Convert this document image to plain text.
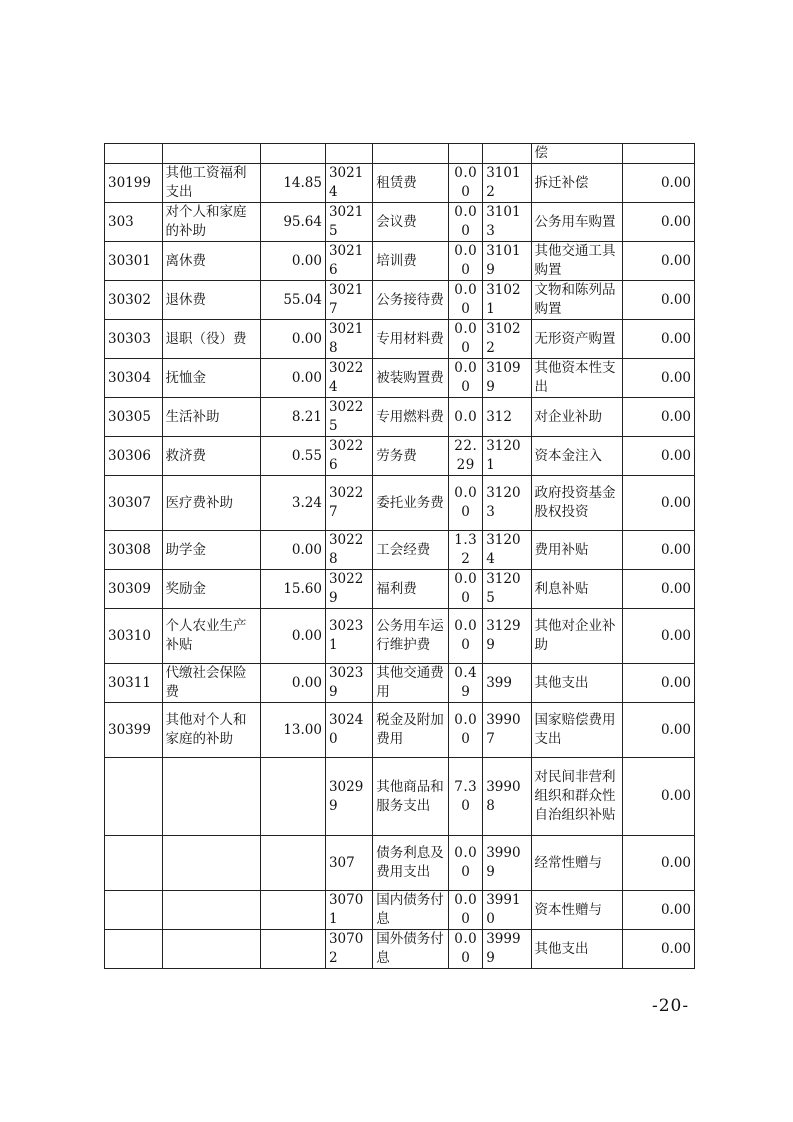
							偿	
30199	其他工资福利支出	14.85	30214	租赁费	0.00	31012	拆迁补偿	0.00
303	对个人和家庭的补助	95.64	30215	会议费	0.00	31013	公务用车购置	0.00
30301	离休费	0.00	30216	培训费	0.00	31019	其他交通工具购置	0.00
30302	退休费	55.04	30217	公务接待费	0.00	31021	文物和陈列品购置	0.00
30303	退职（役）费	0.00	30218	专用材料费	0.00	31022	无形资产购置	0.00
30304	抚恤金	0.00	30224	被装购置费	0.00	31099	其他资本性支出	0.00
30305	生活补助	8.21	30225	专用燃料费	0.0	312	对企业补助	0.00
30306	救济费	0.55	30226	劳务费	22.29	31201	资本金注入	0.00
30307	医疗费补助	3.24	30227	委托业务费	0.00	31203	政府投资基金股权投资	0.00
30308	助学金	0.00	30228	工会经费	1.32	31204	费用补贴	0.00
30309	奖励金	15.60	30229	福利费	0.00	31205	利息补贴	0.00
30310	个人农业生产补贴	0.00	30231	公务用车运行维护费	0.00	31299	其他对企业补助	0.00
30311	代缴社会保险费	0.00	30239	其他交通费用	0.49	399	其他支出	0.00
30399	其他对个人和家庭的补助	13.00	30240	税金及附加费用	0.00	39907	国家赔偿费用支出	0.00
			30299	其他商品和服务支出	7.30	39908	对民间非营利组织和群众性自治组织补贴	0.00
			307	债务利息及费用支出	0.00	39909	经常性赠与	0.00
			30701	国内债务付息	0.00	39910	资本性赠与	0.00
			30702	国外债务付息	0.00	39999	其他支出	0.00
-20-
